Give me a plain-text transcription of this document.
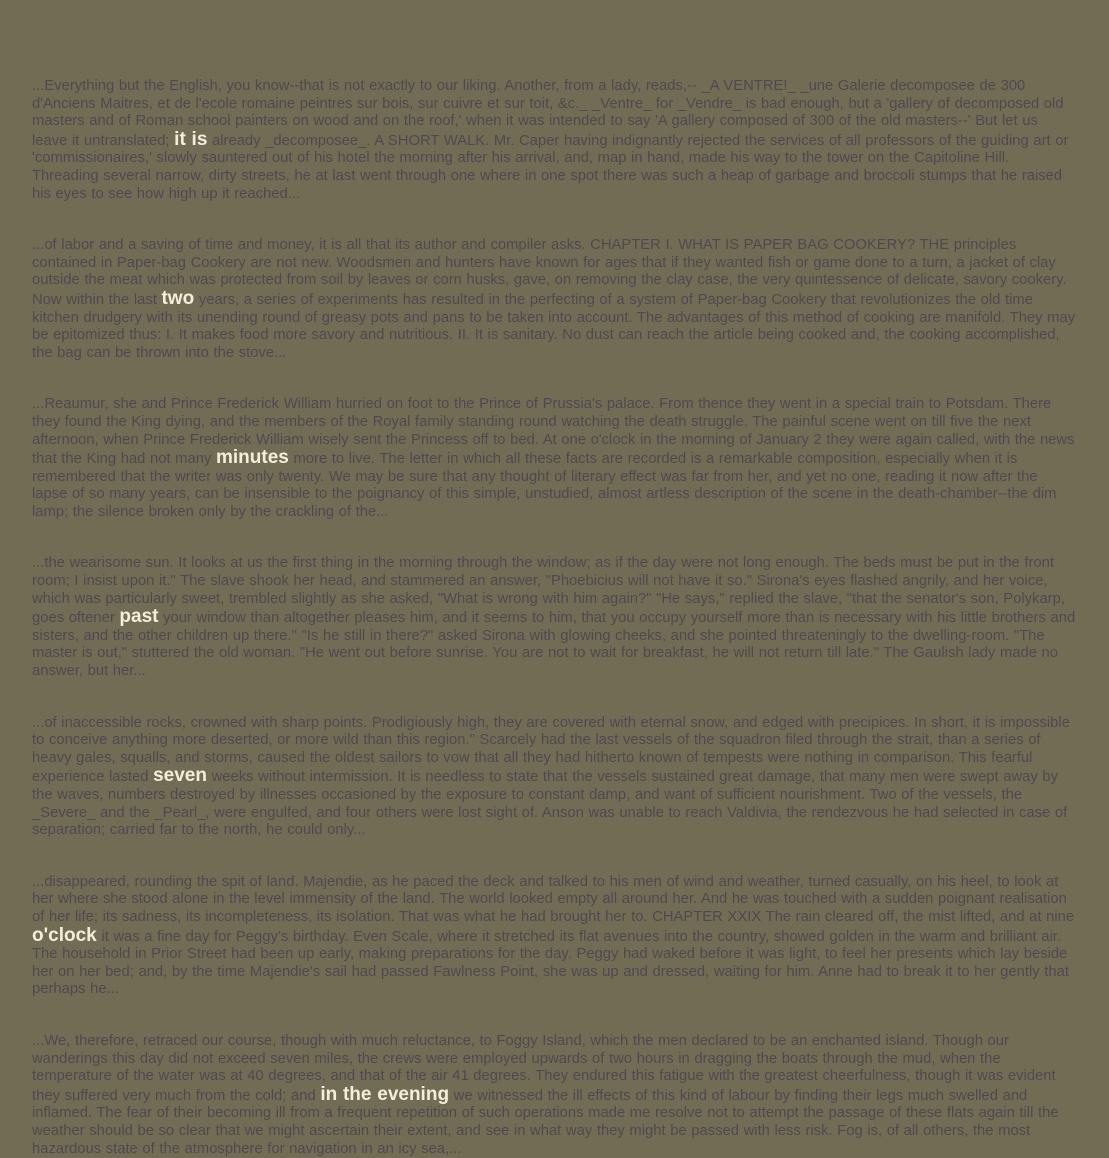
...Everything but the English, you know--that is not exactly to our liking. Another, from a lady, reads,-- _A VENTRE!_ _une Galerie decomposee de 300 d'Anciens Maitres, et de l'ecole romaine peintres sur bois, sur cuivre et sur toit, &c._ _Ventre_ for _Vendre_ is bad enough, but a 'gallery of decomposed old masters and of Roman school painters on wood and on the roof,' when it was intended to say 'A gallery composed of 300 of the old masters--' But let us leave it untranslated; it is already _decomposee_. A SHORT WALK. Mr. Caper having indignantly rejected the services of all professors of the guiding art or 'commissionaires,' slowly sauntered out of his hotel the morning after his arrival, and, map in hand, made his way to the tower on the Capitoline Hill. Threading several narrow, dirty streets, he at last went through one where in one spot there was such a heap of garbage and broccoli stumps that he raised his eyes to see how high up it reached...

...of labor and a saving of time and money, it is all that its author and compiler asks. CHAPTER I. WHAT IS PAPER BAG COOKERY? THE principles contained in Paper-bag Cookery are not new. Woodsmen and hunters have known for ages that if they wanted fish or game done to a turn, a jacket of clay outside the meat which was protected from soil by leaves or corn husks, gave, on removing the clay case, the very quintessence of delicate, savory cookery. Now within the last two years, a series of experiments has resulted in the perfecting of a system of Paper-bag Cookery that revolutionizes the old time kitchen drudgery with its unending round of greasy pots and pans to be taken into account. The advantages of this method of cooking are manifold. They may be epitomized thus: I. It makes food more savory and nutritious. II. It is sanitary. No dust can reach the article being cooked and, the cooking accomplished, the bag can be thrown into the stove...

...Reaumur, she and Prince Frederick William hurried on foot to the Prince of Prussia's palace. From thence they went in a special train to Potsdam. There they found the King dying, and the members of the Royal family standing round watching the death struggle. The painful scene went on till five the next afternoon, when Prince Frederick William wisely sent the Princess off to bed. At one o'clock in the morning of January 2 they were again called, with the news that the King had not many minutes more to live. The letter in which all these facts are recorded is a remarkable composition, especially when it is remembered that the writer was only twenty. We may be sure that any thought of literary effect was far from her, and yet no one, reading it now after the lapse of so many years, can be insensible to the poignancy of this simple, unstudied, almost artless description of the scene in the death-chamber--the dim lamp; the silence broken only by the crackling of the...

...the wearisome sun. It looks at us the first thing in the morning through the window; as if the day were not long enough. The beds must be put in the front room; I insist upon it." The slave shook her head, and stammered an answer, "Phoebicius will not have it so." Sirona's eyes flashed angrily, and her voice, which was particularly sweet, trembled slightly as she asked, "What is wrong with him again?" "He says," replied the slave, "that the senator's son, Polykarp, goes oftener past your window than altogether pleases him, and it seems to him, that you occupy yourself more than is necessary with his little brothers and sisters, and the other children up there." "Is he still in there?" asked Sirona with glowing cheeks, and she pointed threateningly to the dwelling-room. "The master is out," stuttered the old woman. "He went out before sunrise. You are not to wait for breakfast, he will not return till late." The Gaulish lady made no answer, but her...

...of inaccessible rocks, crowned with sharp points. Prodigiously high, they are covered with eternal snow, and edged with precipices. In short, it is impossible to conceive anything more deserted, or more wild than this region." Scarcely had the last vessels of the squadron filed through the strait, than a series of heavy gales, squalls, and storms, caused the oldest sailors to vow that all they had hitherto known of tempests were nothing in comparison. This fearful experience lasted seven weeks without intermission. It is needless to state that the vessels sustained great damage, that many men were swept away by the waves, numbers destroyed by illnesses occasioned by the exposure to constant damp, and want of sufficient nourishment. Two of the vessels, the _Severe_ and the _Pearl_, were engulfed, and four others were lost sight of. Anson was unable to reach Valdivia, the rendezvous he had selected in case of separation; carried far to the north, he could only...

...disappeared, rounding the spit of land. Majendie, as he paced the deck and talked to his men of wind and weather, turned casually, on his heel, to look at her where she stood alone in the level immensity of the land. The world looked empty all around her. And he was touched with a sudden poignant realisation of her life; its sadness, its incompleteness, its isolation. That was what he had brought her to. CHAPTER XXIX The rain cleared off, the mist lifted, and at nine o'clock it was a fine day for Peggy’s birthday. Even Scale, where it stretched its flat avenues into the country, showed golden in the warm and brilliant air. The household in Prior Street had been up early, making preparations for the day. Peggy had waked before it was light, to feel her presents which lay beside her on her bed; and, by the time Majendie's sail had passed Fawlness Point, she was up and dressed, waiting for him. Anne had to break it to her gently that perhaps he...

...We, therefore, retraced our course, though with much reluctance, to Foggy Island, which the men declared to be an enchanted island. Though our wanderings this day did not exceed seven miles, the crews were employed upwards of two hours in dragging the boats through the mud, when the temperature of the water was at 40 degrees, and that of the air 41 degrees. They endured this fatigue with the greatest cheerfulness, though it was evident they suffered very much from the cold; and in the evening we witnessed the ill effects of this kind of labour by finding their legs much swelled and inflamed. The fear of their becoming ill from a frequent repetition of such operations made me resolve not to attempt the passage of these flats again till the weather should be so clear that we might ascertain their extent, and see in what way they might be passed with less risk. Fog is, of all others, the most hazardous state of the atmosphere for navigation in an icy sea,...
